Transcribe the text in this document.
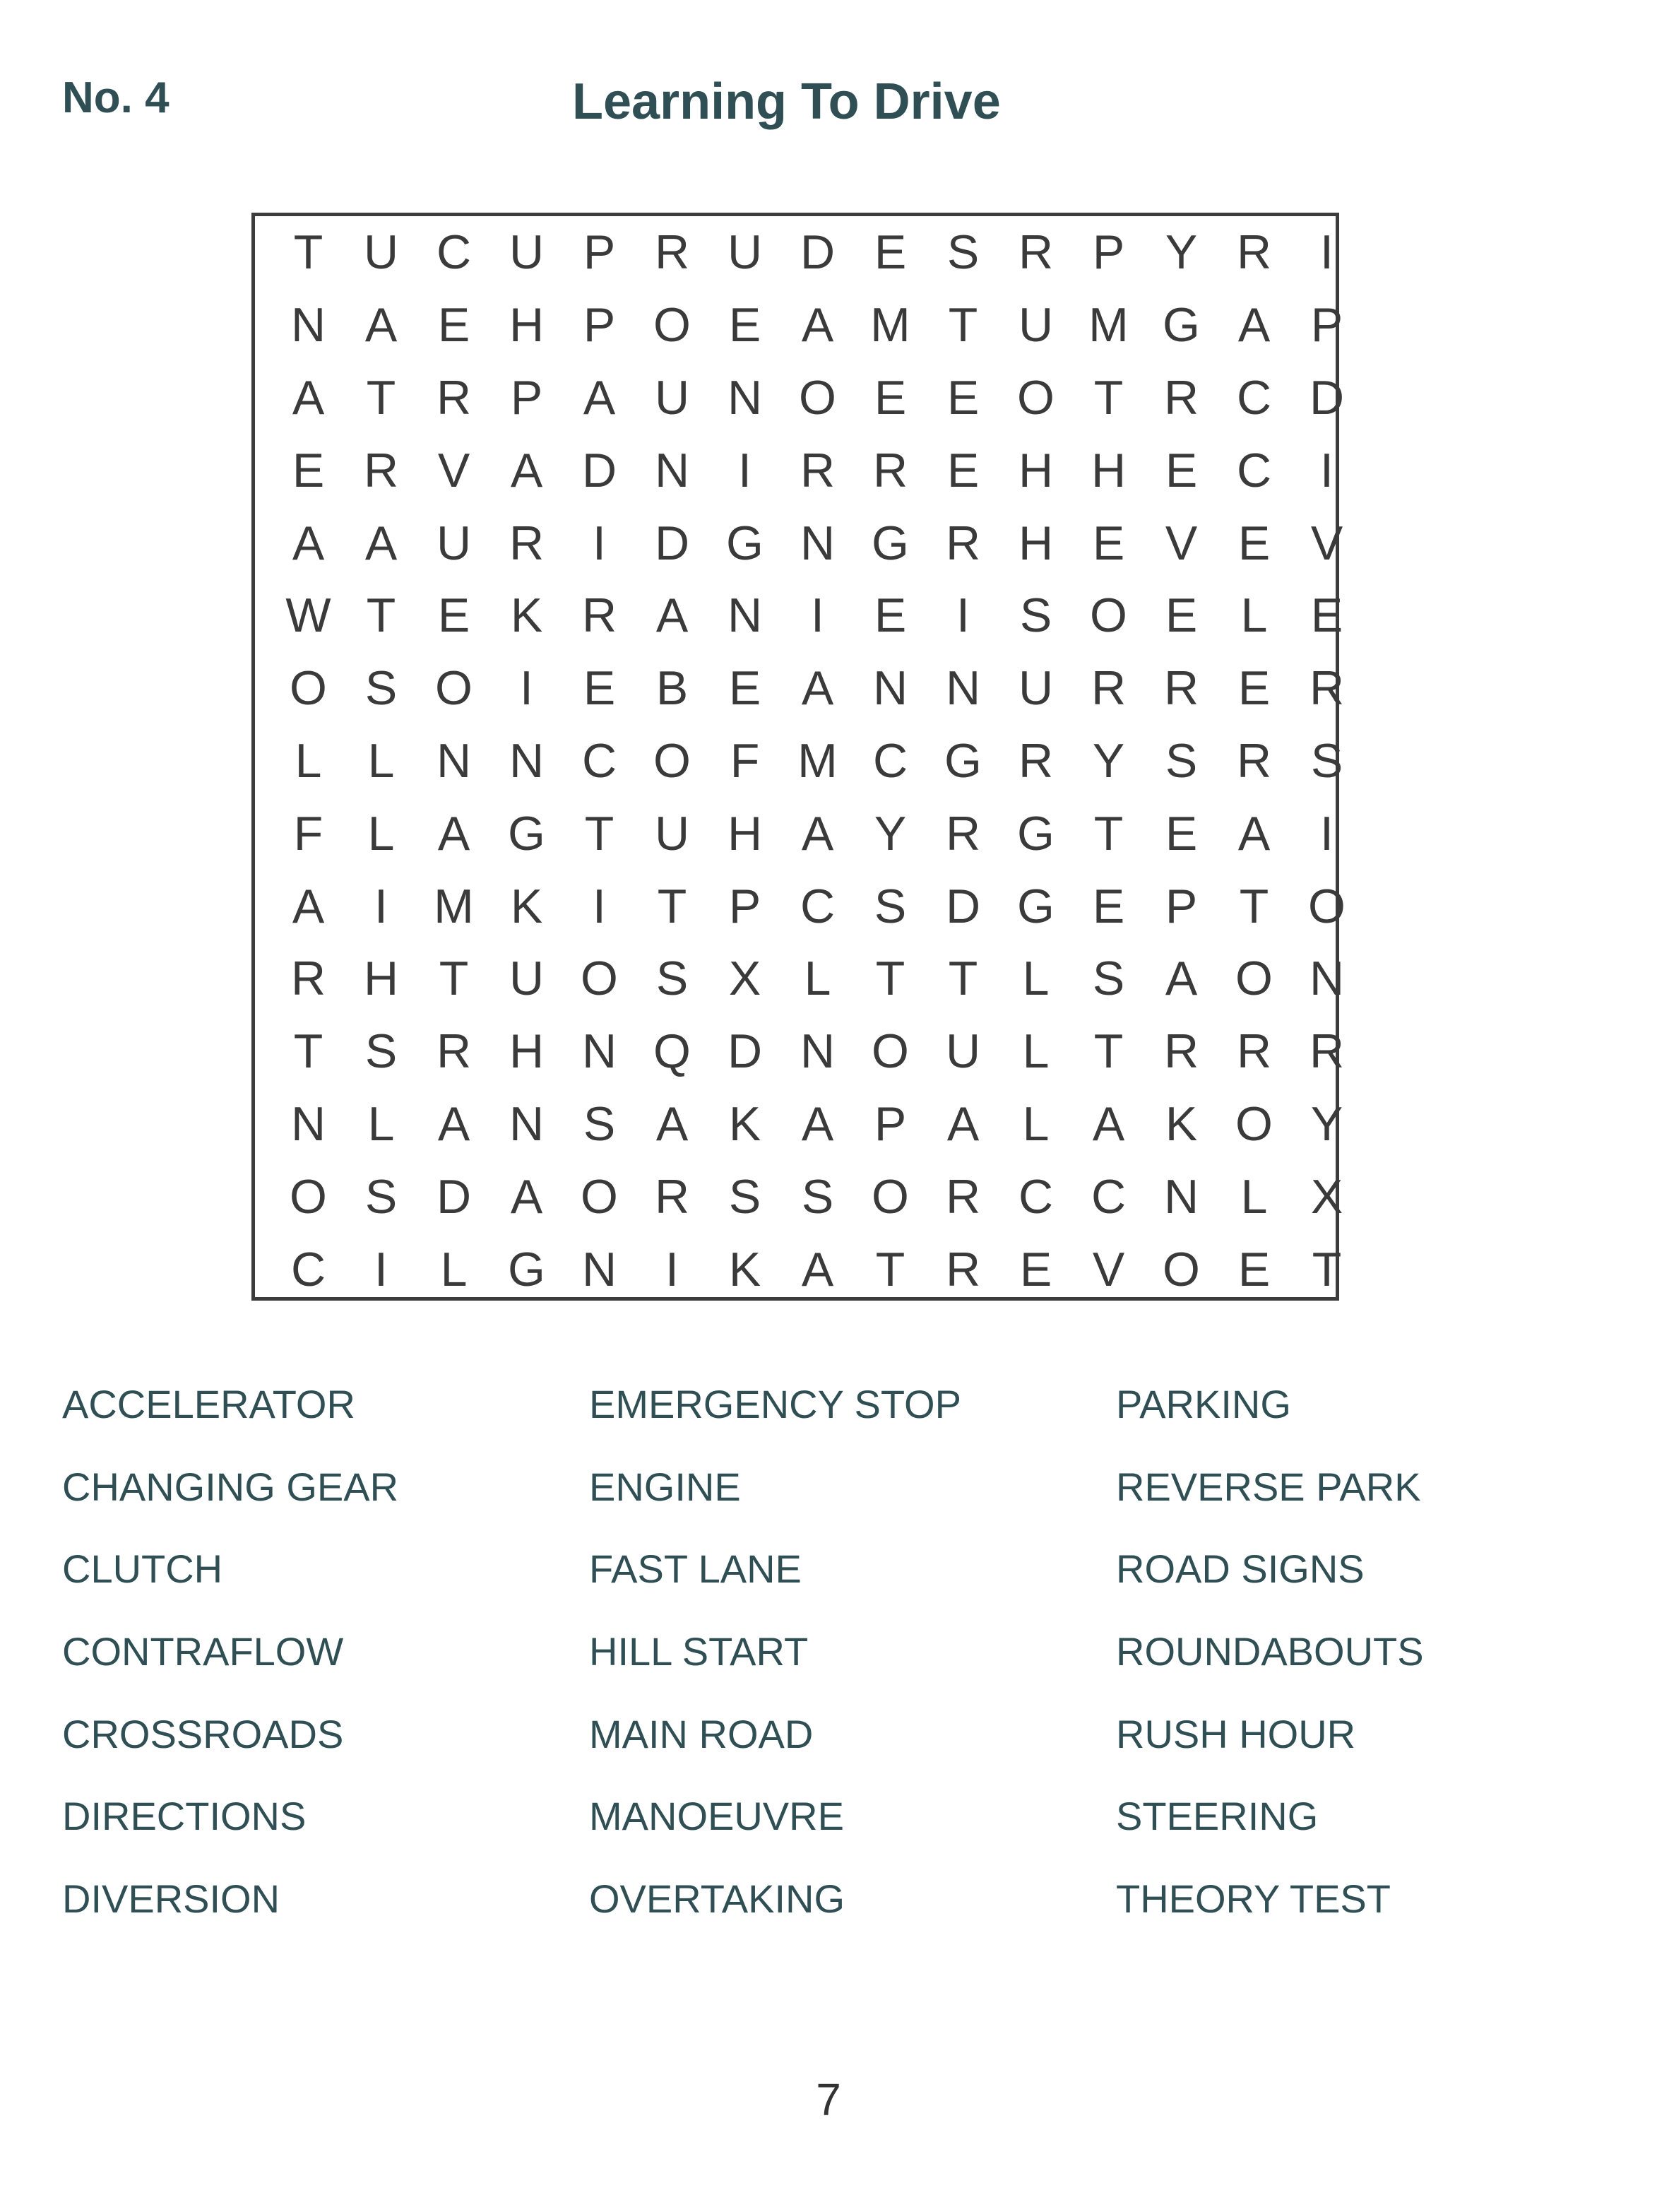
No. 4	Learning To Drive
T U C U P R U D E S R P Y R	I
N A E H P O E A M T U M G A P
A T R P A U N O E E O T R C D
E R V A D N	I	R R E H H E C	I
A A U R	I	D G N G R H E V E V
W T E K R A N	I	E	I	S O E L E
O S O I	E B E A N N U R R E R
L L N N C O F M C G R Y S R S
F L A G T U H A Y R G T E A	I
A	I M K	I	T P C S D G E P T O
R H T U O S X L T T L S A O N
T S R H N Q D N O U L T R R R
N L A N S A K A P A L A K O Y
O S D A O R S S O R C C N L X
C	I	L G N	I	K A T R E V O E T
ACCELERATOR
CHANGING GEAR
CLUTCH
CONTRAFLOW
CROSSROADS
DIRECTIONS
DIVERSION
EMERGENCY STOP
ENGINE
FAST LANE
HILL START
MAIN ROAD
MANOEUVRE
OVERTAKING
PARKING
REVERSE PARK
ROAD SIGNS
ROUNDABOUTS
RUSH HOUR
STEERING
THEORY TEST
7
